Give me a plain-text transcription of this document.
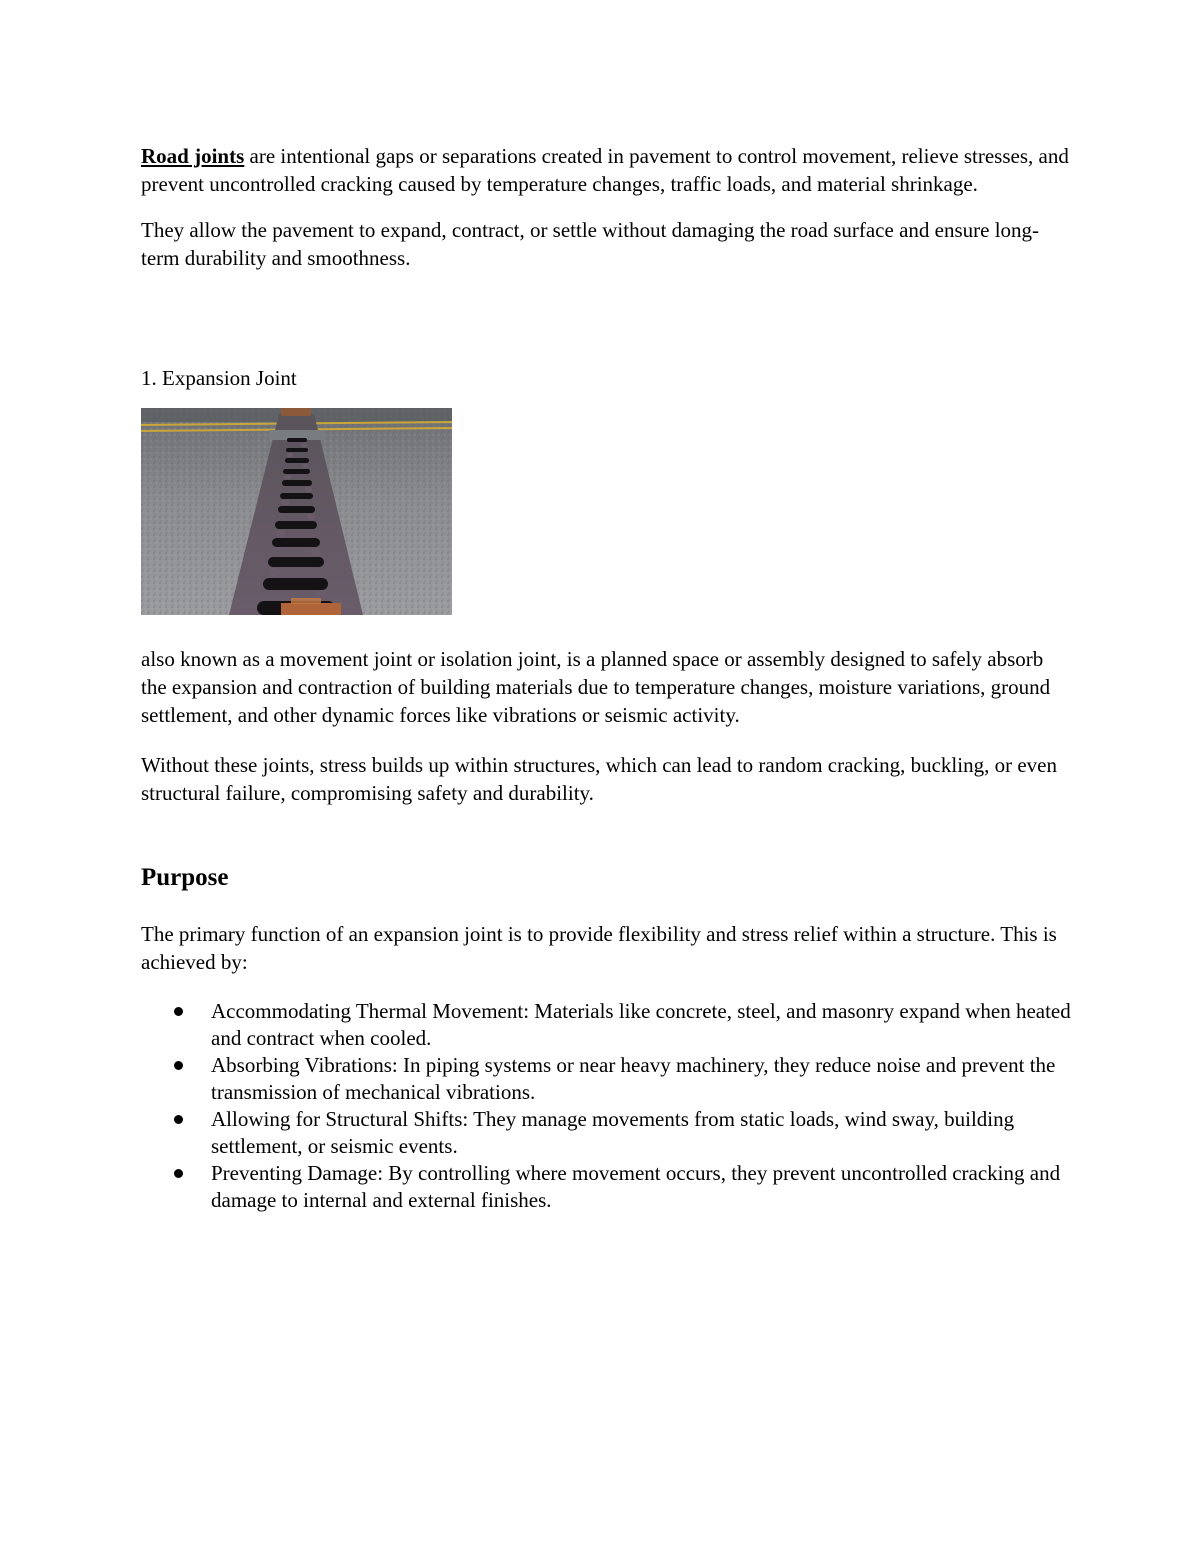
Road joints are intentional gaps or separations created in pavement to control movement, relieve stresses, and prevent uncontrolled cracking caused by temperature changes, traffic loads, and material shrinkage.

They allow the pavement to expand, contract, or settle without damaging the road surface and ensure long-term durability and smoothness.

1. Expansion Joint

also known as a movement joint or isolation joint, is a planned space or assembly designed to safely absorb the expansion and contraction of building materials due to temperature changes, moisture variations, ground settlement, and other dynamic forces like vibrations or seismic activity.

Without these joints, stress builds up within structures, which can lead to random cracking, buckling, or even structural failure, compromising safety and durability.

Purpose

The primary function of an expansion joint is to provide flexibility and stress relief within a structure. This is achieved by:

Accommodating Thermal Movement: Materials like concrete, steel, and masonry expand when heated and contract when cooled.
Absorbing Vibrations: In piping systems or near heavy machinery, they reduce noise and prevent the transmission of mechanical vibrations.
Allowing for Structural Shifts: They manage movements from static loads, wind sway, building settlement, or seismic events.
Preventing Damage: By controlling where movement occurs, they prevent uncontrolled cracking and damage to internal and external finishes.
